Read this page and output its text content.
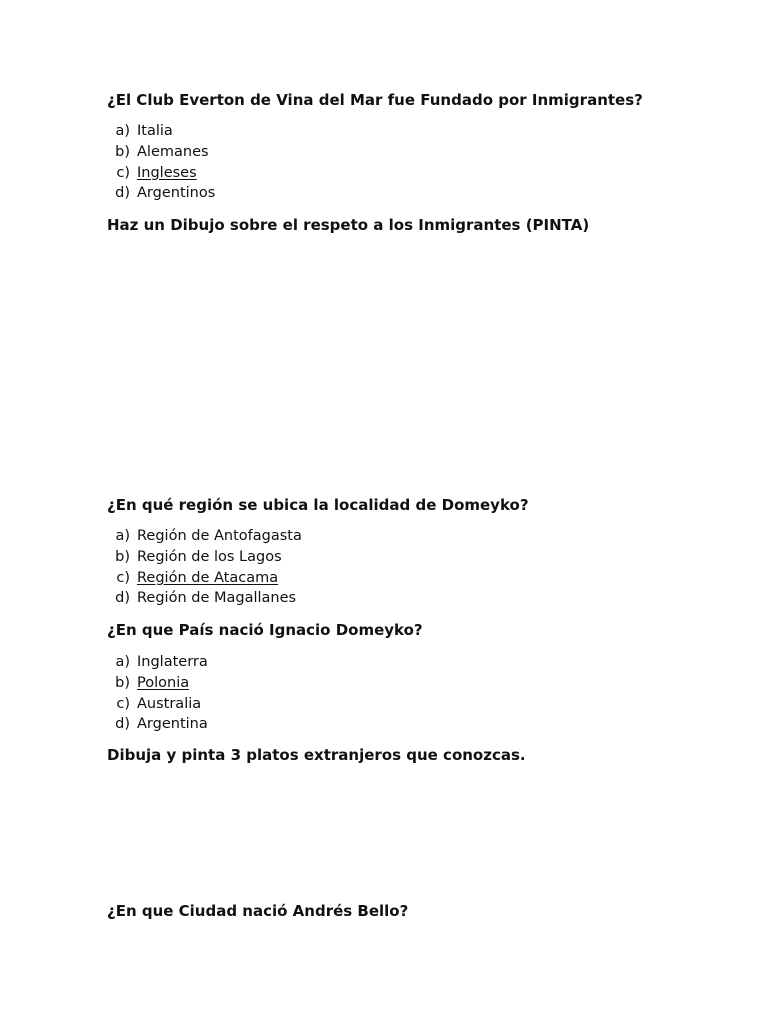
¿El Club Everton de Vina del Mar fue Fundado por Inmigrantes?

a) Italia
b) Alemanes
c) Ingleses
d) Argentinos

Haz un Dibujo sobre el respeto a los Inmigrantes (PINTA)

¿En qué región se ubica la localidad de Domeyko?

a) Región de Antofagasta
b) Región de los Lagos
c) Región de Atacama
d) Región de Magallanes

¿En que País nació Ignacio Domeyko?

a) Inglaterra
b) Polonia
c) Australia
d) Argentina

Dibuja y pinta 3 platos extranjeros que conozcas.

¿En que Ciudad nació Andrés Bello?
